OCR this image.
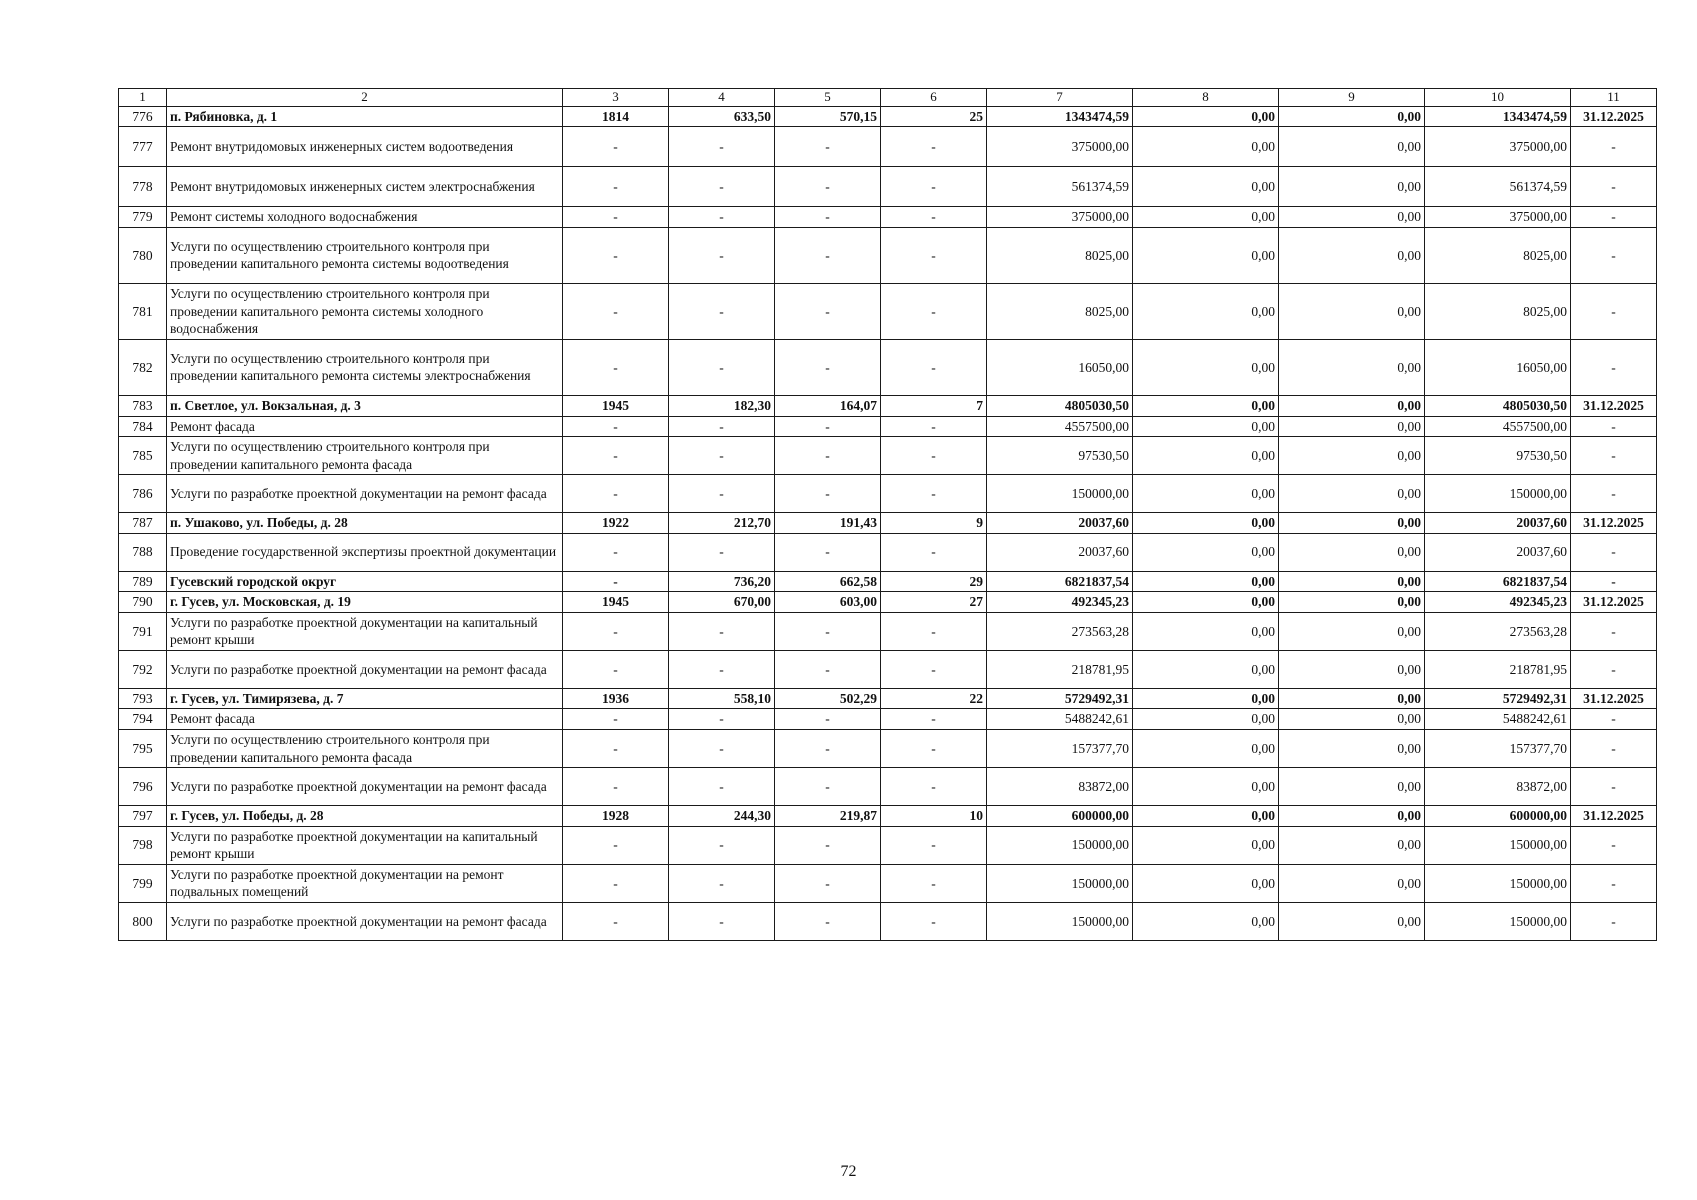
1	2	3	4	5	6	7	8	9	10	11
776	п. Рябиновка, д. 1	1814	633,50	570,15	25	1343474,59	0,00	0,00	1343474,59	31.12.2025
777	Ремонт внутридомовых инженерных систем водоотведения	-	-	-	-	375000,00	0,00	0,00	375000,00	-
778	Ремонт внутридомовых инженерных систем электроснабжения	-	-	-	-	561374,59	0,00	0,00	561374,59	-
779	Ремонт системы холодного водоснабжения	-	-	-	-	375000,00	0,00	0,00	375000,00	-
780	Услуги по осуществлению строительного контроля при проведении капитального ремонта системы водоотведения	-	-	-	-	8025,00	0,00	0,00	8025,00	-
781	Услуги по осуществлению строительного контроля при проведении капитального ремонта системы холодного водоснабжения	-	-	-	-	8025,00	0,00	0,00	8025,00	-
782	Услуги по осуществлению строительного контроля при проведении капитального ремонта системы электроснабжения	-	-	-	-	16050,00	0,00	0,00	16050,00	-
783	п. Светлое, ул. Вокзальная, д. 3	1945	182,30	164,07	7	4805030,50	0,00	0,00	4805030,50	31.12.2025
784	Ремонт фасада	-	-	-	-	4557500,00	0,00	0,00	4557500,00	-
785	Услуги по осуществлению строительного контроля при проведении капитального ремонта фасада	-	-	-	-	97530,50	0,00	0,00	97530,50	-
786	Услуги по разработке проектной документации на ремонт фасада	-	-	-	-	150000,00	0,00	0,00	150000,00	-
787	п. Ушаково, ул. Победы, д. 28	1922	212,70	191,43	9	20037,60	0,00	0,00	20037,60	31.12.2025
788	Проведение государственной экспертизы проектной документации	-	-	-	-	20037,60	0,00	0,00	20037,60	-
789	Гусевский городской округ	-	736,20	662,58	29	6821837,54	0,00	0,00	6821837,54	-
790	г. Гусев, ул. Московская, д. 19	1945	670,00	603,00	27	492345,23	0,00	0,00	492345,23	31.12.2025
791	Услуги по разработке проектной документации на капитальный ремонт крыши	-	-	-	-	273563,28	0,00	0,00	273563,28	-
792	Услуги по разработке проектной документации на ремонт фасада	-	-	-	-	218781,95	0,00	0,00	218781,95	-
793	г. Гусев, ул. Тимирязева, д. 7	1936	558,10	502,29	22	5729492,31	0,00	0,00	5729492,31	31.12.2025
794	Ремонт фасада	-	-	-	-	5488242,61	0,00	0,00	5488242,61	-
795	Услуги по осуществлению строительного контроля при проведении капитального ремонта фасада	-	-	-	-	157377,70	0,00	0,00	157377,70	-
796	Услуги по разработке проектной документации на ремонт фасада	-	-	-	-	83872,00	0,00	0,00	83872,00	-
797	г. Гусев, ул. Победы, д. 28	1928	244,30	219,87	10	600000,00	0,00	0,00	600000,00	31.12.2025
798	Услуги по разработке проектной документации на капитальный ремонт крыши	-	-	-	-	150000,00	0,00	0,00	150000,00	-
799	Услуги по разработке проектной документации на ремонт подвальных помещений	-	-	-	-	150000,00	0,00	0,00	150000,00	-
800	Услуги по разработке проектной документации на ремонт фасада	-	-	-	-	150000,00	0,00	0,00	150000,00	-
72
